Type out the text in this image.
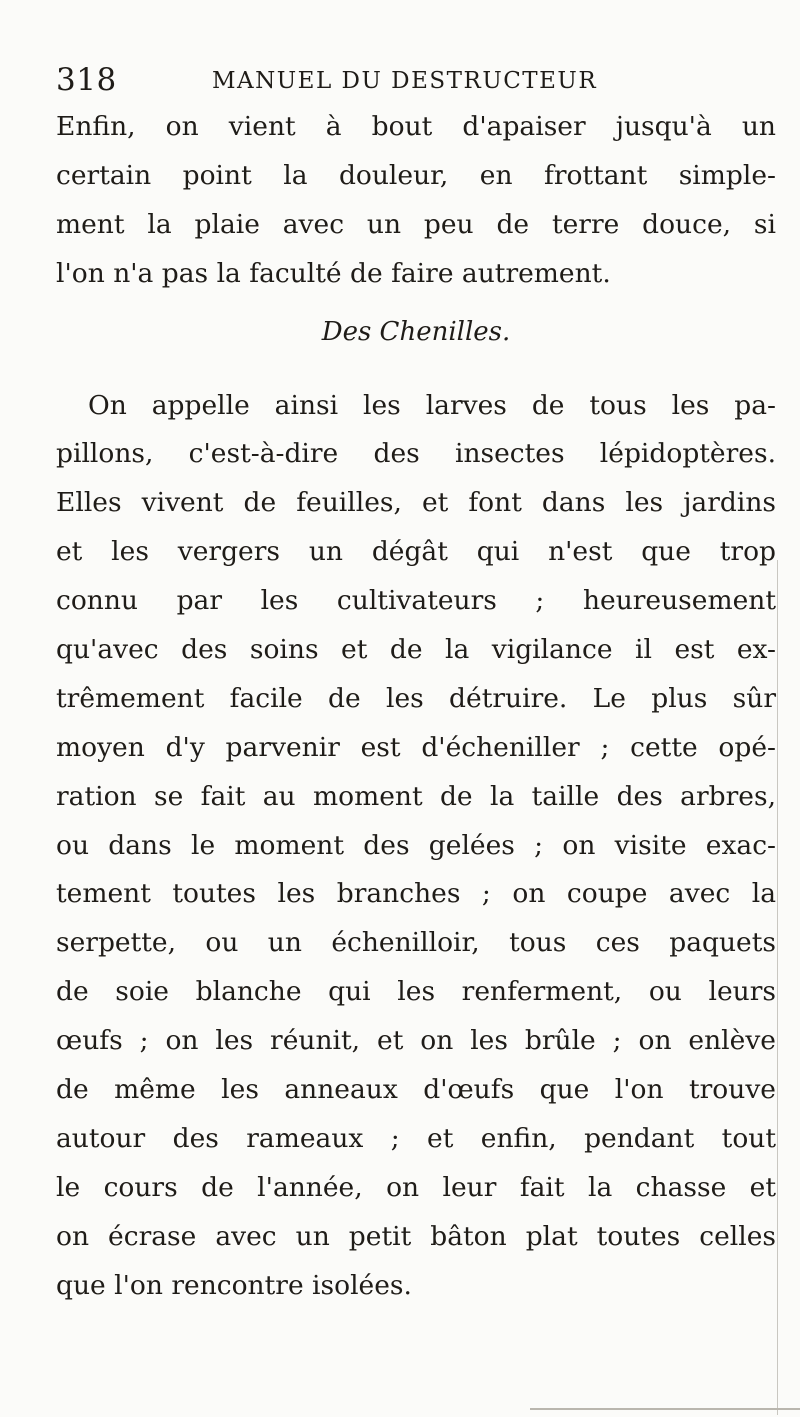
318	MANUEL DU DESTRUCTEUR
Enfin, on vient à bout d'apaiser jusqu'à un
certain point la douleur, en frottant simple-
ment la plaie avec un peu de terre douce, si
l'on n'a pas la faculté de faire autrement.
Des Chenilles.
On appelle ainsi les larves de tous les pa-
pillons, c'est-à-dire des insectes lépidoptères.
Elles vivent de feuilles, et font dans les jardins
et les vergers un dégât qui n'est que trop
connu par les cultivateurs ; heureusement
qu'avec des soins et de la vigilance il est ex-
trêmement facile de les détruire. Le plus sûr
moyen d'y parvenir est d'écheniller ; cette opé-
ration se fait au moment de la taille des arbres,
ou dans le moment des gelées ; on visite exac-
tement toutes les branches ; on coupe avec la
serpette, ou un échenilloir, tous ces paquets
de soie blanche qui les renferment, ou leurs
œufs ; on les réunit, et on les brûle ; on enlève
de même les anneaux d'œufs que l'on trouve
autour des rameaux ; et enfin, pendant tout
le cours de l'année, on leur fait la chasse et
on écrase avec un petit bâton plat toutes celles
que l'on rencontre isolées.
